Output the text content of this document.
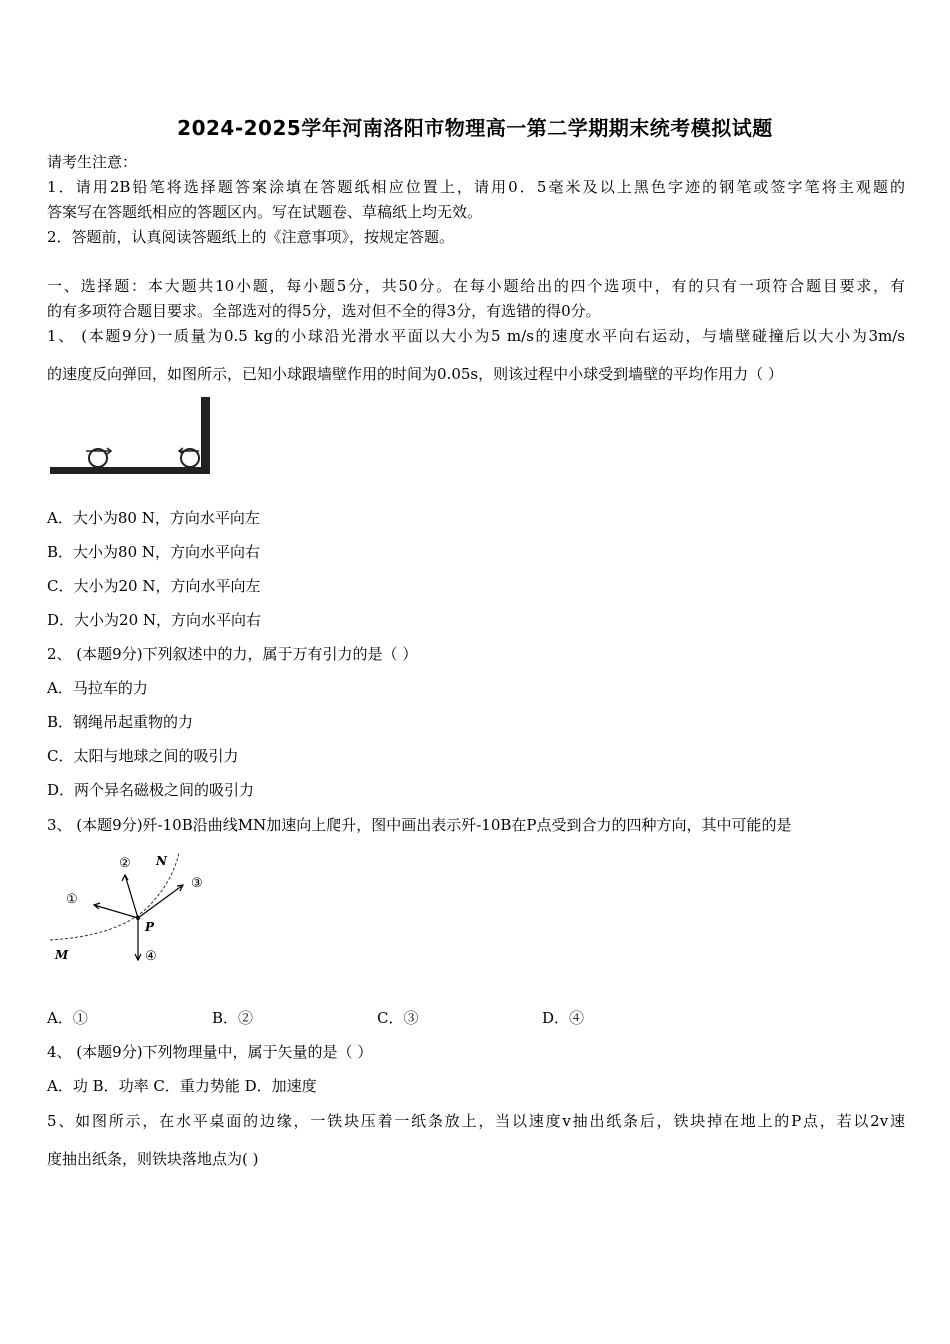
2024-2025学年河南洛阳市物理高一第二学期期末统考模拟试题
请考生注意：
1．请用2B铅笔将选择题答案涂填在答题纸相应位置上，请用0．5毫米及以上黑色字迹的钢笔或签字笔将主观题的
答案写在答题纸相应的答题区内。写在试题卷、草稿纸上均无效。
2．答题前，认真阅读答题纸上的《注意事项》，按规定答题。
一、选择题：本大题共10小题，每小题5分，共50分。在每小题给出的四个选项中，有的只有一项符合题目要求，有
的有多项符合题目要求。全部选对的得5分，选对但不全的得3分，有选错的得0分。
1、 (本题9分)一质量为0.5 kg的小球沿光滑水平面以大小为5 m/s的速度水平向右运动，与墙壁碰撞后以大小为3m/s
的速度反向弹回，如图所示，已知小球跟墙壁作用的时间为0.05s，则该过程中小球受到墙壁的平均作用力（ ）
A．大小为80 N，方向水平向左
B．大小为80 N，方向水平向右
C．大小为20 N，方向水平向左
D．大小为20 N，方向水平向右
2、 (本题9分)下列叙述中的力，属于万有引力的是（ ）
A．马拉车的力
B．钢绳吊起重物的力
C．太阳与地球之间的吸引力
D．两个异名磁极之间的吸引力
3、 (本题9分)歼-10B沿曲线MN加速向上爬升，图中画出表示歼-10B在P点受到合力的四种方向，其中可能的是
①
②
③
④
N
M
P
A．①	B．②	C．③	D．④
4、 (本题9分)下列物理量中，属于矢量的是（ ）
A．功 B．功率 C．重力势能 D．加速度
5、如图所示，在水平桌面的边缘，一铁块压着一纸条放上，当以速度v抽出纸条后，铁块掉在地上的P点，若以2v速
度抽出纸条，则铁块落地点为( )
